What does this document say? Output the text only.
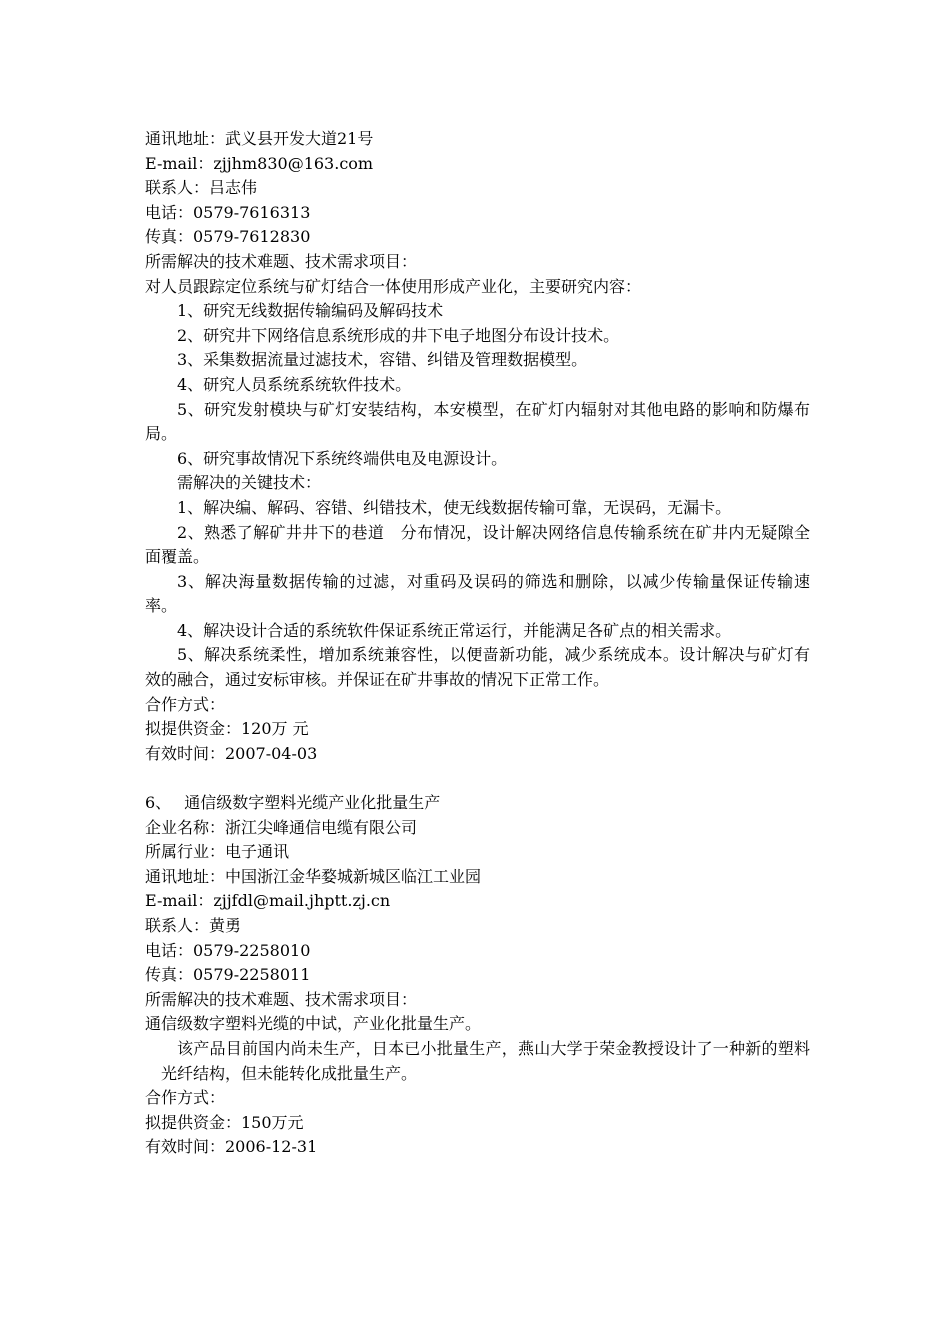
通讯地址：武义县开发大道21号
E-mail：zjjhm830@163.com
联系人：吕志伟
电话：0579-7616313
传真：0579-7612830
所需解决的技术难题、技术需求项目：
对人员跟踪定位系统与矿灯结合一体使用形成产业化，主要研究内容：
1、研究无线数据传输编码及解码技术
2、研究井下网络信息系统形成的井下电子地图分布设计技术。
3、采集数据流量过滤技术，容错、纠错及管理数据模型。
4、研究人员系统系统软件技术。
5、研究发射模块与矿灯安装结构，本安模型，在矿灯内辐射对其他电路的影响和防爆布局。
6、研究事故情况下系统终端供电及电源设计。
需解决的关键技术：
1、解决编、解码、容错、纠错技术，使无线数据传输可靠，无误码，无漏卡。
2、熟悉了解矿井井下的巷道　分布情况，设计解决网络信息传输系统在矿井内无疑隙全面覆盖。
3、解决海量数据传输的过滤，对重码及误码的筛选和删除，以减少传输量保证传输速率。
4、解决设计合适的系统软件保证系统正常运行，并能满足各矿点的相关需求。
5、解决系统柔性，增加系统兼容性，以便啬新功能，减少系统成本。设计解决与矿灯有效的融合，通过安标审核。并保证在矿井事故的情况下正常工作。
合作方式：
拟提供资金：120万 元
有效时间：2007-04-03
6、　 通信级数字塑料光缆产业化批量生产
企业名称：浙江尖峰通信电缆有限公司
所属行业：电子通讯
通讯地址：中国浙江金华婺城新城区临江工业园
E-mail：zjjfdl@mail.jhptt.zj.cn
联系人：黄勇
电话：0579-2258010
传真：0579-2258011
所需解决的技术难题、技术需求项目：
通信级数字塑料光缆的中试，产业化批量生产。
该产品目前国内尚未生产，日本已小批量生产，燕山大学于荣金教授设计了一种新的塑料光纤结构，但未能转化成批量生产。
合作方式：
拟提供资金：150万元
有效时间：2006-12-31
